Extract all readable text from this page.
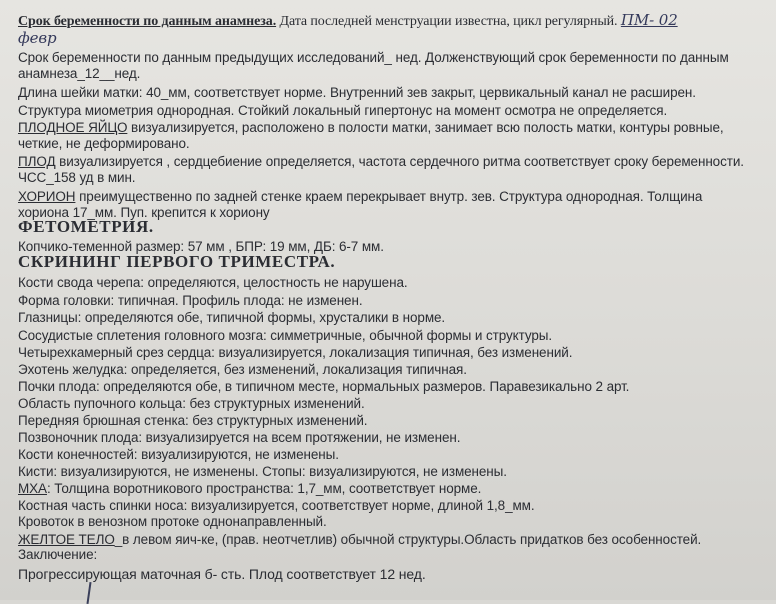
Срок беременности по данным анамнеза. Дата последней менструации известна, цикл регулярный. ПМ- 02
февр
Срок беременности по данным предыдущих исследований_ нед. Долженствующий срок беременности по данным
анамнеза_12__нед.
Длина шейки матки: 40_мм, соответствует норме. Внутренний зев закрыт, цервикальный канал не расширен.
Структура миометрия однородная. Стойкий локальный гипертонус на момент осмотра не определяется.
ПЛОДНОЕ ЯЙЦО визуализируется, расположено в полости матки, занимает всю полость матки, контуры ровные,
четкие, не деформировано.
ПЛОД визуализируется , сердцебиение определяется, частота сердечного ритма соответствует сроку беременности.
ЧСС_158 уд в мин.
ХОРИОН преимущественно по задней стенке краем перекрывает внутр. зев. Структура однородная. Толщина
хориона 17_мм. Пуп. крепится к хориону
ФЕТОМЕТРИЯ.
Копчико-теменной размер: 57 мм , БПР: 19 мм, ДБ: 6-7 мм.
СКРИНИНГ ПЕРВОГО ТРИМЕСТРА.
Кости свода черепа: определяются, целостность не нарушена.
Форма головки: типичная. Профиль плода: не изменен.
Глазницы: определяются обе, типичной формы, хрусталики в норме.
Сосудистые сплетения головного мозга: симметричные, обычной формы и структуры.
Четырехкамерный срез сердца: визуализируется, локализация типичная, без изменений.
Эхотень желудка: определяется, без изменений, локализация типичная.
Почки плода: определяются обе, в типичном месте, нормальных размеров. Паравезикально 2 арт.
Область пупочного кольца: без структурных изменений.
Передняя брюшная стенка: без структурных изменений.
Позвоночник плода: визуализируется на всем протяжении, не изменен.
Кости конечностей: визуализируются, не изменены.
Кисти: визуализируются, не изменены. Стопы: визуализируются, не изменены.
МХА: Толщина воротникового пространства: 1,7_мм, соответствует норме.
Костная часть спинки носа: визуализируется, соответствует норме, длиной 1,8_мм.
Кровоток в венозном протоке однонаправленный.
ЖЕЛТОЕ ТЕЛО_в левом яич-ке, (прав. неотчетлив) обычной структуры.Область придатков без особенностей.
Заключение:
Прогрессирующая маточная б- сть. Плод соответствует 12 нед.
